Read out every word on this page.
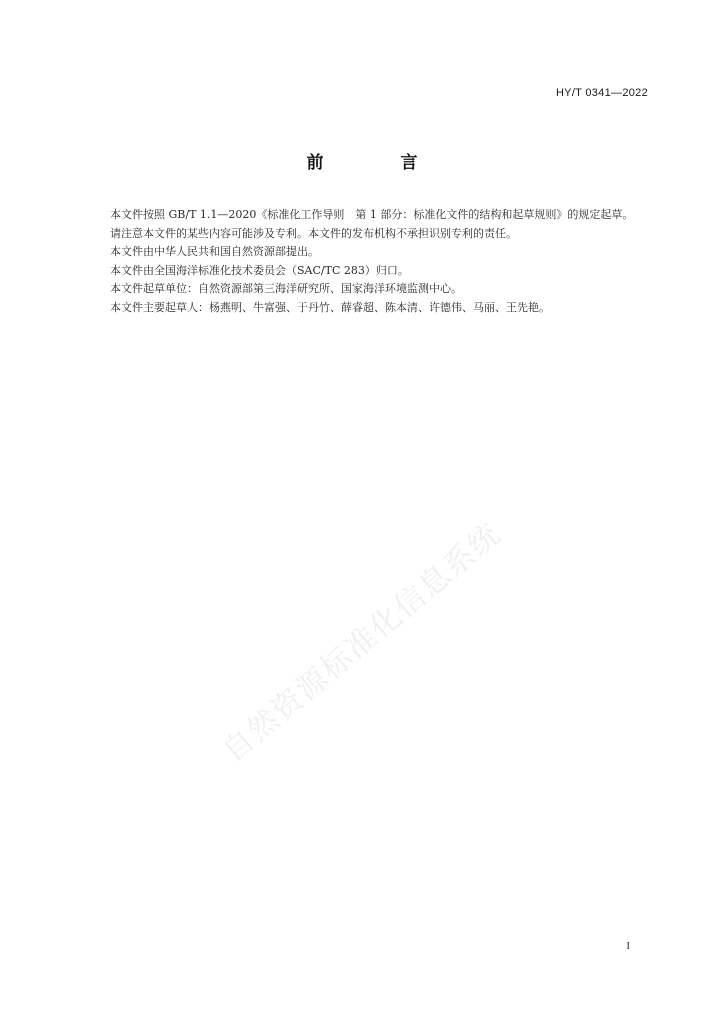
HY/T 0341—2022
前　言

本文件按照 GB/T 1.1—2020《标准化工作导则　第 1 部分：标准化文件的结构和起草规则》的规定起草。

请注意本文件的某些内容可能涉及专利。本文件的发布机构不承担识别专利的责任。

本文件由中华人民共和国自然资源部提出。

本文件由全国海洋标准化技术委员会（SAC/TC 283）归口。

本文件起草单位：自然资源部第三海洋研究所、国家海洋环境监测中心。

本文件主要起草人：杨燕明、牛富强、于丹竹、薛睿超、陈本清、许德伟、马丽、王先艳。

自然资源标准化信息系统
I
